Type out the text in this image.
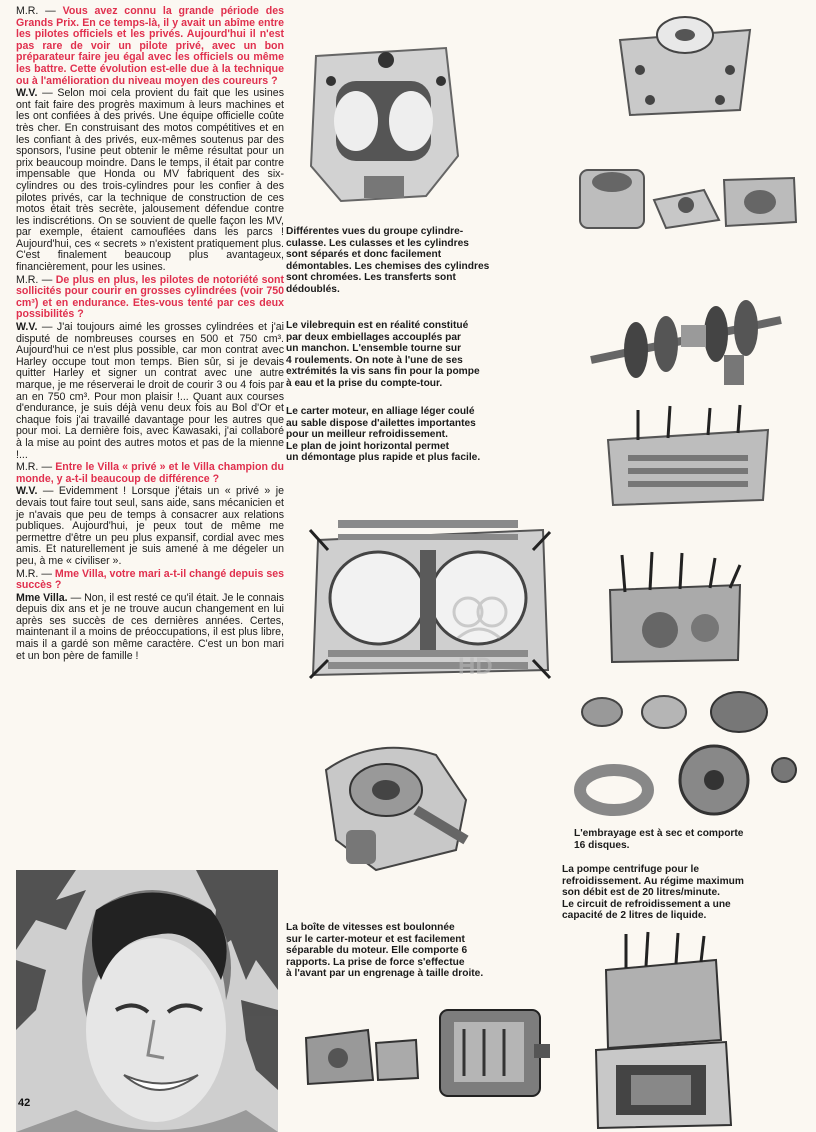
M.R. — Vous avez connu la grande période des Grands Prix. En ce temps-là, il y avait un abîme entre les pilotes officiels et les privés. Aujourd'hui il n'est pas rare de voir un pilote privé, avec un bon préparateur faire jeu égal avec les officiels ou même les battre. Cette évolution est-elle due à la technique ou à l'amélioration du niveau moyen des coureurs ?

W.V. — Selon moi cela provient du fait que les usines ont fait faire des progrès maximum à leurs machines et les ont confiées à des privés. Une équipe officielle coûte très cher. En construisant des motos compétitives et en les confiant à des privés, eux-mêmes soutenus par des sponsors, l'usine peut obtenir le même résultat pour un prix beaucoup moindre. Dans le temps, il était par contre impensable que Honda ou MV fabriquent des six-cylindres ou des trois-cylindres pour les confier à des pilotes privés, car la technique de construction de ces motos était très secrète, jalousement défendue contre les indiscrétions. On se souvient de quelle façon les MV, par exemple, étaient camouflées dans les parcs ! Aujourd'hui, ces « secrets » n'existent pratiquement plus. C'est finalement beaucoup plus avantageux, financièrement, pour les usines.

M.R. — De plus en plus, les pilotes de notoriété sont sollicités pour courir en grosses cylindrées (voir 750 cm³) et en endurance. Etes-vous tenté par ces deux possibilités ?

W.V. — J'ai toujours aimé les grosses cylindrées et j'ai disputé de nombreuses courses en 500 et 750 cm³. Aujourd'hui ce n'est plus possible, car mon contrat avec Harley occupe tout mon temps. Bien sûr, si je devais quitter Harley et signer un contrat avec une autre marque, je me réserverai le droit de courir 3 ou 4 fois par an en 750 cm³. Pour mon plaisir !... Quant aux courses d'endurance, je suis déjà venu deux fois au Bol d'Or et chaque fois j'ai travaillé davantage pour les autres que pour moi. La dernière fois, avec Kawasaki, j'ai collaboré à la mise au point des autres motos et pas de la mienne !...

M.R. — Entre le Villa « privé » et le Villa champion du monde, y a-t-il beaucoup de différence ?

W.V. — Evidemment ! Lorsque j'étais un « privé » je devais tout faire tout seul, sans aide, sans mécanicien et je n'avais que peu de temps à consacrer aux relations publiques. Aujourd'hui, je peux tout de même me permettre d'être un peu plus expansif, cordial avec mes amis. Et naturellement je suis amené à me dégeler un peu, à me « civiliser ».

M.R. — Mme Villa, votre mari a-t-il changé depuis ses succès ?

Mme Villa. — Non, il est resté ce qu'il était. Je le connais depuis dix ans et je ne trouve aucun changement en lui après ses succès de ces dernières années. Certes, maintenant il a moins de préoccupations, il est plus libre, mais il a gardé son même caractère. C'est un bon mari et un bon père de famille !

42

L'embrayage est à sec et comporte
16 disques.

La pompe centrifuge pour le
refroidissement. Au régime maximum
son débit est de 20 litres/minute.
Le circuit de refroidissement a une
capacité de 2 litres de liquide.

Différentes vues du groupe cylindre-
culasse. Les culasses et les cylindres
sont séparés et donc facilement
démontables. Les chemises des cylindres
sont chromées. Les transferts sont
dédoublés.

Le vilebrequin est en réalité constitué
par deux embiellages accouplés par
un manchon. L'ensemble tourne sur
4 roulements. On note à l'une de ses
extrémités la vis sans fin pour la pompe
à eau et la prise du compte-tour.

Le carter moteur, en alliage léger coulé
au sable dispose d'ailettes importantes
pour un meilleur refroidissement.
Le plan de joint horizontal permet
un démontage plus rapide et plus facile.

HD

La boîte de vitesses est boulonnée
sur le carter-moteur et est facilement
séparable du moteur. Elle comporte 6
rapports. La prise de force s'effectue
à l'avant par un engrenage à taille droite.
